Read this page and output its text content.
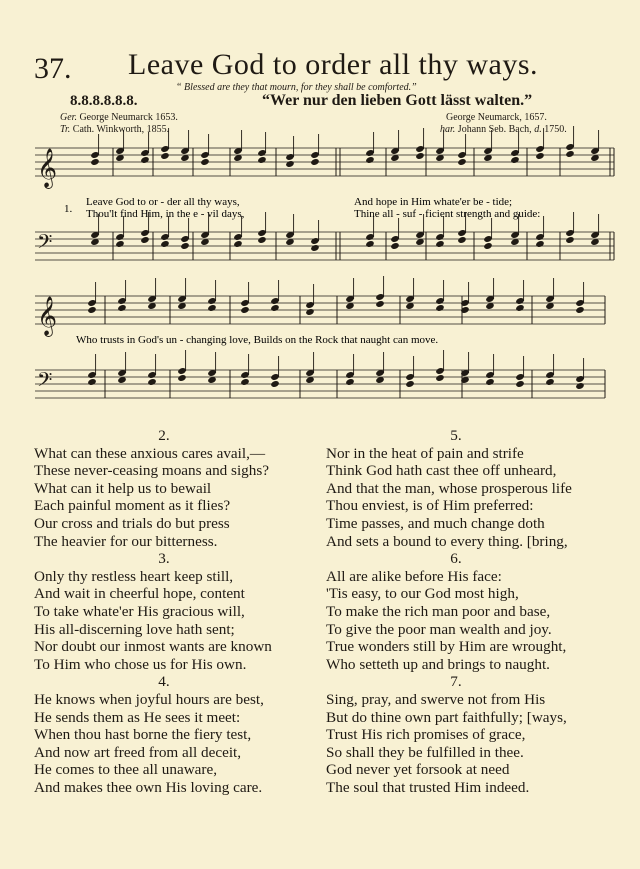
37. Leave God to order all thy ways.
“ Blessed are they that mourn, for they shall be comforted.”
8.8.8.8.8.8.	“Wer nur den lieben Gott lässt walten.”
Ger. George Neumarck 1653.
Tr. Cath. Winkworth, 1855.
George Neumarck, 1657.
har. Johann Seb. Bach, d. 1750.
𝄞
𝄢
1.
Leave God to or - der all thy ways,	And hope in Him whate'er be - tide;
Thou'lt find Him, in the e - vil days,	Thine all - suf - ficient strength and guide:
𝄞
𝄢
Who trusts in God's un - changing love, Builds on the Rock that naught can move.
2.
What can these anxious cares avail,—
These never-ceasing moans and sighs?
What can it help us to bewail
Each painful moment as it flies?
Our cross and trials do but press
The heavier for our bitterness.
3.
Only thy restless heart keep still,
And wait in cheerful hope, content
To take whate'er His gracious will,
His all-discerning love hath sent;
Nor doubt our inmost wants are known
To Him who chose us for His own.
4.
He knows when joyful hours are best,
He sends them as He sees it meet:
When thou hast borne the fiery test,
And now art freed from all deceit,
He comes to thee all unaware,
And makes thee own His loving care.
5.
Nor in the heat of pain and strife
Think God hath cast thee off unheard,
And that the man, whose prosperous life
Thou enviest, is of Him preferred:
Time passes, and much change doth
And sets a bound to every thing. [bring,
6.
All are alike before His face:
'Tis easy, to our God most high,
To make the rich man poor and base,
To give the poor man wealth and joy.
True wonders still by Him are wrought,
Who setteth up and brings to naught.
7.
Sing, pray, and swerve not from His
But do thine own part faithfully; [ways,
Trust His rich promises of grace,
So shall they be fulfilled in thee.
God never yet forsook at need
The soul that trusted Him indeed.
